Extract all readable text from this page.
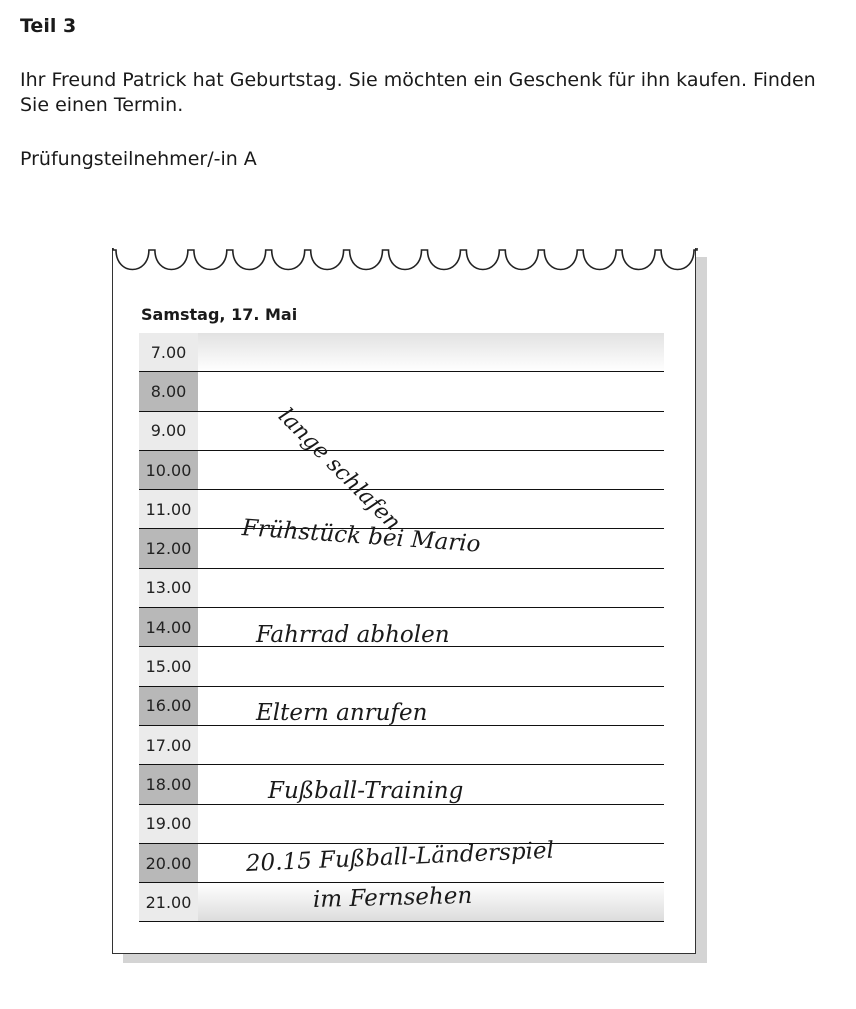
Teil 3
Ihr Freund Patrick hat Geburtstag. Sie möchten ein Geschenk für ihn kaufen. Finden Sie einen Termin.
Prüfungsteilnehmer/-in A
Samstag, 17. Mai
7.00
8.00
9.00
10.00
11.00
12.00
13.00
14.00
15.00
16.00
17.00
18.00
19.00
20.00
21.00
lange schlafen
Frühstück bei Mario
Fahrrad abholen
Eltern anrufen
Fußball-Training
20.15 Fußball-Länderspiel
im Fernsehen
